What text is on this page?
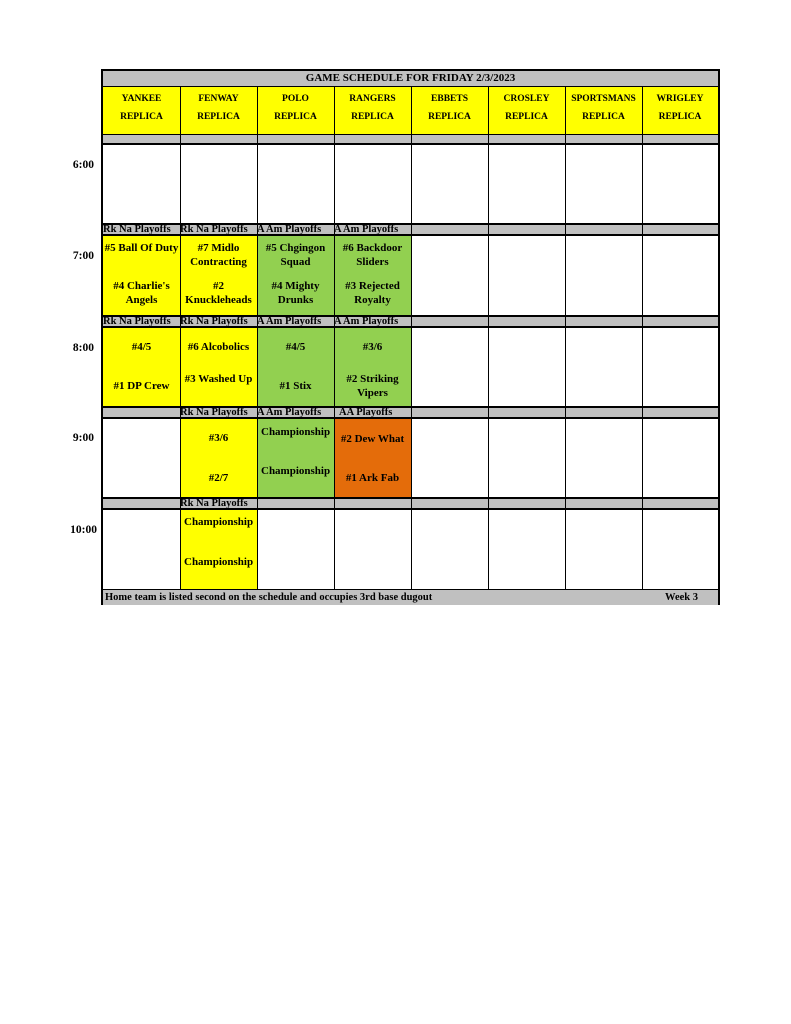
6:00
7:00
8:00
9:00
10:00
GAME SCHEDULE FOR FRIDAY 2/3/2023
YANKEE
REPLICA
FENWAY
REPLICA
POLO
REPLICA
RANGERS
REPLICA
EBBETS
REPLICA
CROSLEY
REPLICA
SPORTSMANS
REPLICA
WRIGLEY
REPLICA
#5 Ball Of Duty
#4 Charlie's Angels
#7 Midlo Contracting
#2 Knuckleheads
#5 Chgingon Squad
#4 Mighty Drunks
#6 Backdoor Sliders
#3 Rejected Royalty
#4/5
#1 DP Crew
#6 Alcobolics
#3 Washed Up
#4/5
#1 Stix
#3/6
#2 Striking Vipers
#3/6
#2/7
Championship
Championship
#2 Dew What
#1 Ark Fab
Championship
Championship
Rk Na Playoffs Rk Na Playoffs A Am Playoffs A Am Playoffs
Rk Na Playoffs Rk Na Playoffs A Am Playoffs A Am Playoffs
Rk Na Playoffs A Am Playoffs AA Playoffs
Rk Na Playoffs
Home team is listed second on the schedule and occupies 3rd base dugout	Week 3
